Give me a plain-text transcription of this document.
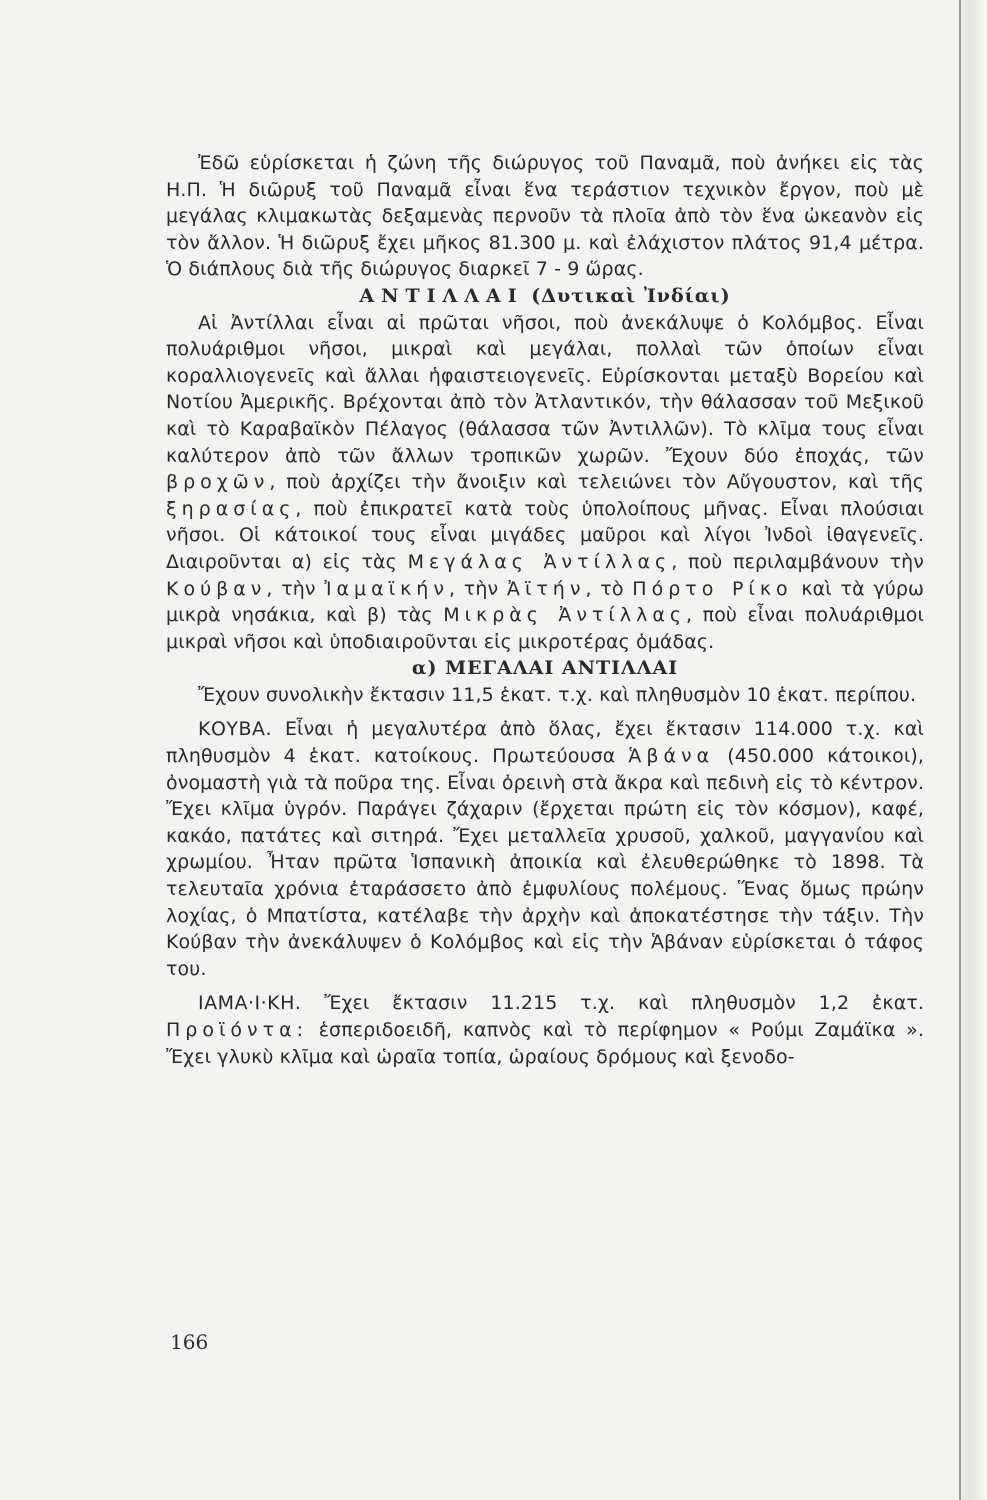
Ἐδῶ εὑρίσκεται ἡ ζώνη τῆς διώρυγος τοῦ Παναμᾶ, ποὺ ἀνήκει εἰς τὰς Η.Π. Ἡ διῶρυξ τοῦ Παναμᾶ εἶναι ἕνα τεράστιον τεχνικὸν ἔργον, ποὺ μὲ μεγάλας κλιμακωτὰς δεξαμενὰς περνοῦν τὰ πλοῖα ἀπὸ τὸν ἕνα ὠκεανὸν εἰς τὸν ἄλλον. Ἡ διῶρυξ ἔχει μῆκος 81.300 μ. καὶ ἐλάχιστον πλάτος 91,4 μέτρα. Ὁ διάπλους διὰ τῆς διώρυγος διαρκεῖ 7 - 9 ὥρας.

ΑΝΤΙΛΛΑΙ (Δυτικαὶ Ἰνδίαι)

Αἱ Ἀντίλλαι εἶναι αἱ πρῶται νῆσοι, ποὺ ἀνεκάλυψε ὁ Κολόμβος. Εἶναι πολυάριθμοι νῆσοι, μικραὶ καὶ μεγάλαι, πολλαὶ τῶν ὁποίων εἶναι κοραλλιογενεῖς καὶ ἄλλαι ἡφαιστειογενεῖς. Εὑρίσκονται μεταξὺ Βορείου καὶ Νοτίου Ἀμερικῆς. Βρέχονται ἀπὸ τὸν Ἀτλαντικόν, τὴν θάλασσαν τοῦ Μεξικοῦ καὶ τὸ Καραβαϊκὸν Πέλαγος (θάλασσα τῶν Ἀντιλλῶν). Τὸ κλῖμα τους εἶναι καλύτερον ἀπὸ τῶν ἄλλων τροπικῶν χωρῶν. Ἔχουν δύο ἐποχάς, τῶν βροχῶν, ποὺ ἀρχίζει τὴν ἄνοιξιν καὶ τελειώνει τὸν Αὔγουστον, καὶ τῆς ξηρασίας, ποὺ ἐπικρατεῖ κατὰ τοὺς ὑπολοίπους μῆνας. Εἶναι πλούσιαι νῆσοι. Οἱ κάτοικοί τους εἶναι μιγάδες μαῦροι καὶ λίγοι Ἰνδοὶ ἰθαγενεῖς. Διαιροῦνται α) εἰς τὰς Μεγάλας Ἀντίλλας, ποὺ περιλαμβάνουν τὴν Κούβαν, τὴν Ἰαμαϊκήν, τὴν Ἀϊτήν, τὸ Πόρτο Ρίκο καὶ τὰ γύρω μικρὰ νησάκια, καὶ β) τὰς Μικρὰς Ἀντίλλας, ποὺ εἶναι πολυάριθμοι μικραὶ νῆσοι καὶ ὑποδιαιροῦνται εἰς μικροτέρας ὁμάδας.

α) ΜΕΓΑΛΑΙ ΑΝΤΙΛΛΑΙ

Ἔχουν συνολικὴν ἔκτασιν 11,5 ἑκατ. τ.χ. καὶ πληθυσμὸν 10 ἑκατ. περίπου.

ΚΟΥΒΑ. Εἶναι ἡ μεγαλυτέρα ἀπὸ ὅλας, ἔχει ἔκτασιν 114.000 τ.χ. καὶ πληθυσμὸν 4 ἑκατ. κατοίκους. Πρωτεύουσα Ἁβάνα (450.000 κάτοικοι), ὀνομαστὴ γιὰ τὰ ποῦρα της. Εἶναι ὀρεινὴ στὰ ἄκρα καὶ πεδινὴ εἰς τὸ κέντρον. Ἔχει κλῖμα ὑγρόν. Παράγει ζάχαριν (ἔρχεται πρώτη εἰς τὸν κόσμον), καφέ, κακάο, πατάτες καὶ σιτηρά. Ἔχει μεταλλεῖα χρυσοῦ, χαλκοῦ, μαγγανίου καὶ χρωμίου. Ἦταν πρῶτα Ἱσπανικὴ ἀποικία καὶ ἐλευθερώθηκε τὸ 1898. Τὰ τελευταῖα χρόνια ἐταράσσετο ἀπὸ ἐμφυλίους πολέμους. Ἕνας ὅμως πρώην λοχίας, ὁ Μπατίστα, κατέλαβε τὴν ἀρχὴν καὶ ἀποκατέστησε τὴν τάξιν. Τὴν Κούβαν τὴν ἀνεκάλυψεν ὁ Κολόμβος καὶ εἰς τὴν Ἁβάναν εὑρίσκεται ὁ τάφος του.

ΙΑΜΑ·Ι·ΚΗ. Ἔχει ἔκτασιν 11.215 τ.χ. καὶ πληθυσμὸν 1,2 ἑκατ. Προϊόντα: ἑσπεριδοειδῆ, καπνὸς καὶ τὸ περίφημον « Ρούμι Ζαμάϊκα ». Ἔχει γλυκὺ κλῖμα καὶ ὡραῖα τοπία, ὡραίους δρόμους καὶ ξενοδο-

166
